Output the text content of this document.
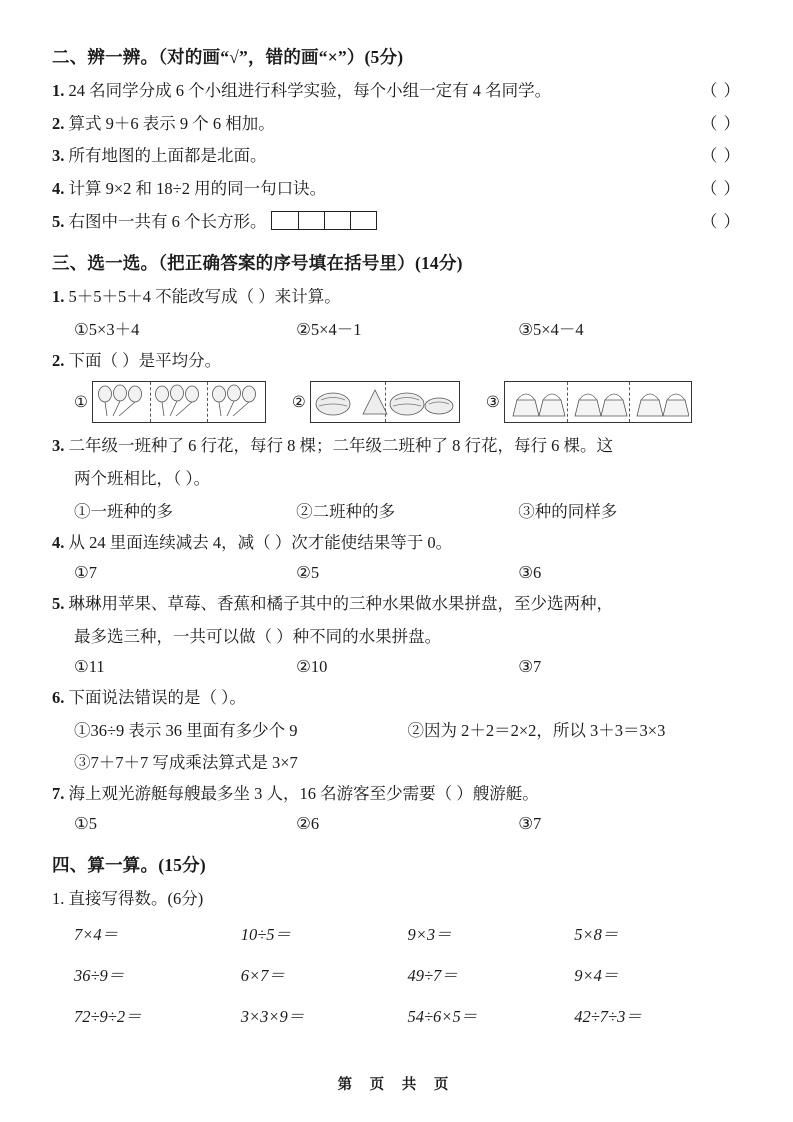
二、辨一辨。（对的画“√”，错的画“×”）(5分)
（ ）
1. 24 名同学分成 6 个小组进行科学实验，每个小组一定有 4 名同学。
（ ）
2. 算式 9＋6 表示 9 个 6 相加。
（ ）
3. 所有地图的上面都是北面。
（ ）
4. 计算 9×2 和 18÷2 用的同一句口诀。
（ ）
5. 右图中一共有 6 个长方形。
三、选一选。（把正确答案的序号填在括号里）(14分)
1. 5＋5＋5＋4 不能改写成（ ）来计算。
①5×3＋4	②5×4－1	③5×4－4
2. 下面（ ）是平均分。
①	②	③
3. 二年级一班种了 6 行花，每行 8 棵；二年级二班种了 8 行花，每行 6 棵。这
两个班相比，（ ）。
①一班种的多	②二班种的多	③种的同样多
4. 从 24 里面连续减去 4，减（ ）次才能使结果等于 0。
①7	②5	③6
5. 琳琳用苹果、草莓、香蕉和橘子其中的三种水果做水果拼盘，至少选两种，
最多选三种，一共可以做（ ）种不同的水果拼盘。
①11	②10	③7
6. 下面说法错误的是（ ）。
①36÷9 表示 36 里面有多少个 9	②因为 2＋2＝2×2，所以 3＋3＝3×3
③7＋7＋7 写成乘法算式是 3×7
7. 海上观光游艇每艘最多坐 3 人，16 名游客至少需要（ ）艘游艇。
①5	②6	③7
四、算一算。(15分)
1. 直接写得数。(6分)
7×4＝	10÷5＝	9×3＝	5×8＝
36÷9＝	6×7＝	49÷7＝	9×4＝
72÷9÷2＝	3×3×9＝	54÷6×5＝	42÷7÷3＝
第 页 共 页
